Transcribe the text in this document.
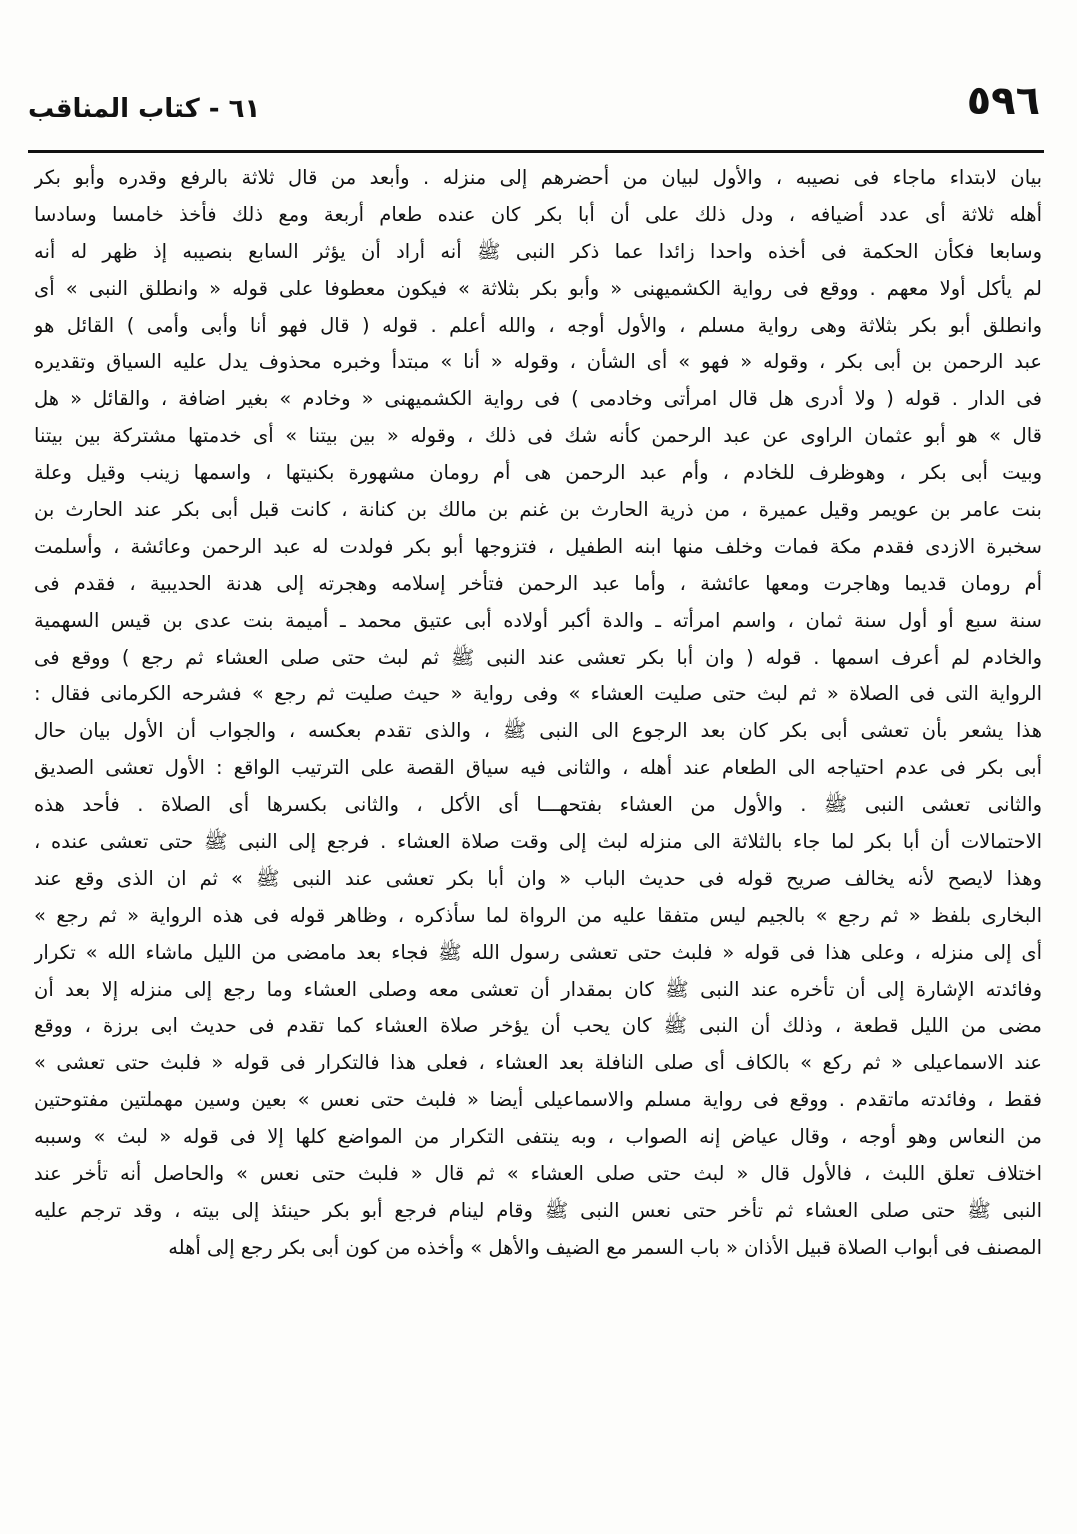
٥٩٦
٦١ - كتاب المناقب
بيان لابتداء ماجاء فى نصيبه ، والأول لبيان من أحضرهم إلى منزله . وأبعد من قال ثلاثة بالرفع وقدره وأبو بكر
أهله ثلاثة أى عدد أضيافه ، ودل ذلك على أن أبا بكر كان عنده طعام أربعة ومع ذلك فأخذ خامسا وسادسا
وسابعا فكأن الحكمة فى أخذه واحدا زائدا عما ذكر النبى ﷺ أنه أراد أن يؤثر السابع بنصيبه إذ ظهر له أنه
لم يأكل أولا معهم . ووقع فى رواية الكشميهنى « وأبو بكر بثلاثة » فيكون معطوفا على قوله « وانطلق النبى » أى
وانطلق أبو بكر بثلاثة وهى رواية مسلم ، والأول أوجه ، والله أعلم . قوله ( قال فهو أنا وأبى وأمى ) القائل هو
عبد الرحمن بن أبى بكر ، وقوله « فهو » أى الشأن ، وقوله « أنا » مبتدأ وخبره محذوف يدل عليه السياق وتقديره
فى الدار . قوله ( ولا أدرى هل قال امرأتى وخادمى ) فى رواية الكشميهنى « وخادم » بغير اضافة ، والقائل « هل
قال » هو أبو عثمان الراوى عن عبد الرحمن كأنه شك فى ذلك ، وقوله « بين بيتنا » أى خدمتها مشتركة بين بيتنا
وبيت أبى بكر ، وهوظرف للخادم ، وأم عبد الرحمن هى أم رومان مشهورة بكنيتها ، واسمها زينب وقيل وعلة
بنت عامر بن عويمر وقيل عميرة ، من ذرية الحارث بن غنم بن مالك بن كنانة ، كانت قبل أبى بكر عند الحارث بن
سخبرة الازدى فقدم مكة فمات وخلف منها ابنه الطفيل ، فتزوجها أبو بكر فولدت له عبد الرحمن وعائشة ، وأسلمت
أم رومان قديما وهاجرت ومعها عائشة ، وأما عبد الرحمن فتأخر إسلامه وهجرته إلى هدنة الحديبية ، فقدم فى
سنة سبع أو أول سنة ثمان ، واسم امرأته ـ والدة أكبر أولاده أبى عتيق محمد ـ أميمة بنت عدى بن قيس السهمية
والخادم لم أعرف اسمها . قوله ( وان أبا بكر تعشى عند النبى ﷺ ثم لبث حتى صلى العشاء ثم رجع ) ووقع فى
الرواية التى فى الصلاة « ثم لبث حتى صليت العشاء » وفى رواية « حيث صليت ثم رجع » فشرحه الكرمانى فقال :
هذا يشعر بأن تعشى أبى بكر كان بعد الرجوع الى النبى ﷺ ، والذى تقدم بعكسه ، والجواب أن الأول بيان حال
أبى بكر فى عدم احتياجه الى الطعام عند أهله ، والثانى فيه سياق القصة على الترتيب الواقع : الأول تعشى الصديق
والثانى تعشى النبى ﷺ . والأول من العشاء بفتحهـــا أى الأكل ، والثانى بكسرها أى الصلاة . فأحد هذه
الاحتمالات أن أبا بكر لما جاء بالثلاثة الى منزله لبث إلى وقت صلاة العشاء . فرجع إلى النبى ﷺ حتى تعشى عنده ،
وهذا لايصح لأنه يخالف صريح قوله فى حديث الباب « وان أبا بكر تعشى عند النبى ﷺ » ثم ان الذى وقع عند
البخارى بلفظ « ثم رجع » بالجيم ليس متفقا عليه من الرواة لما سأذكره ، وظاهر قوله فى هذه الرواية « ثم رجع »
أى إلى منزله ، وعلى هذا فى قوله « فلبث حتى تعشى رسول الله ﷺ فجاء بعد مامضى من الليل ماشاء الله » تكرار
وفائدته الإشارة إلى أن تأخره عند النبى ﷺ كان بمقدار أن تعشى معه وصلى العشاء وما رجع إلى منزله إلا بعد أن
مضى من الليل قطعة ، وذلك أن النبى ﷺ كان يحب أن يؤخر صلاة العشاء كما تقدم فى حديث ابى برزة ، ووقع
عند الاسماعيلى « ثم ركع » بالكاف أى صلى النافلة بعد العشاء ، فعلى هذا فالتكرار فى قوله « فلبث حتى تعشى »
فقط ، وفائدته ماتقدم . ووقع فى رواية مسلم والاسماعيلى أيضا « فلبث حتى نعس » بعين وسين مهملتين مفتوحتين
من النعاس وهو أوجه ، وقال عياض إنه الصواب ، وبه ينتفى التكرار من المواضع كلها إلا فى قوله « لبث » وسببه
اختلاف تعلق اللبث ، فالأول قال « لبث حتى صلى العشاء » ثم قال « فلبث حتى نعس » والحاصل أنه تأخر عند
النبى ﷺ حتى صلى العشاء ثم تأخر حتى نعس النبى ﷺ وقام لينام فرجع أبو بكر حينئذ إلى بيته ، وقد ترجم عليه
المصنف فى أبواب الصلاة قبيل الأذان « باب السمر مع الضيف والأهل » وأخذه من كون أبى بكر رجع إلى أهله
